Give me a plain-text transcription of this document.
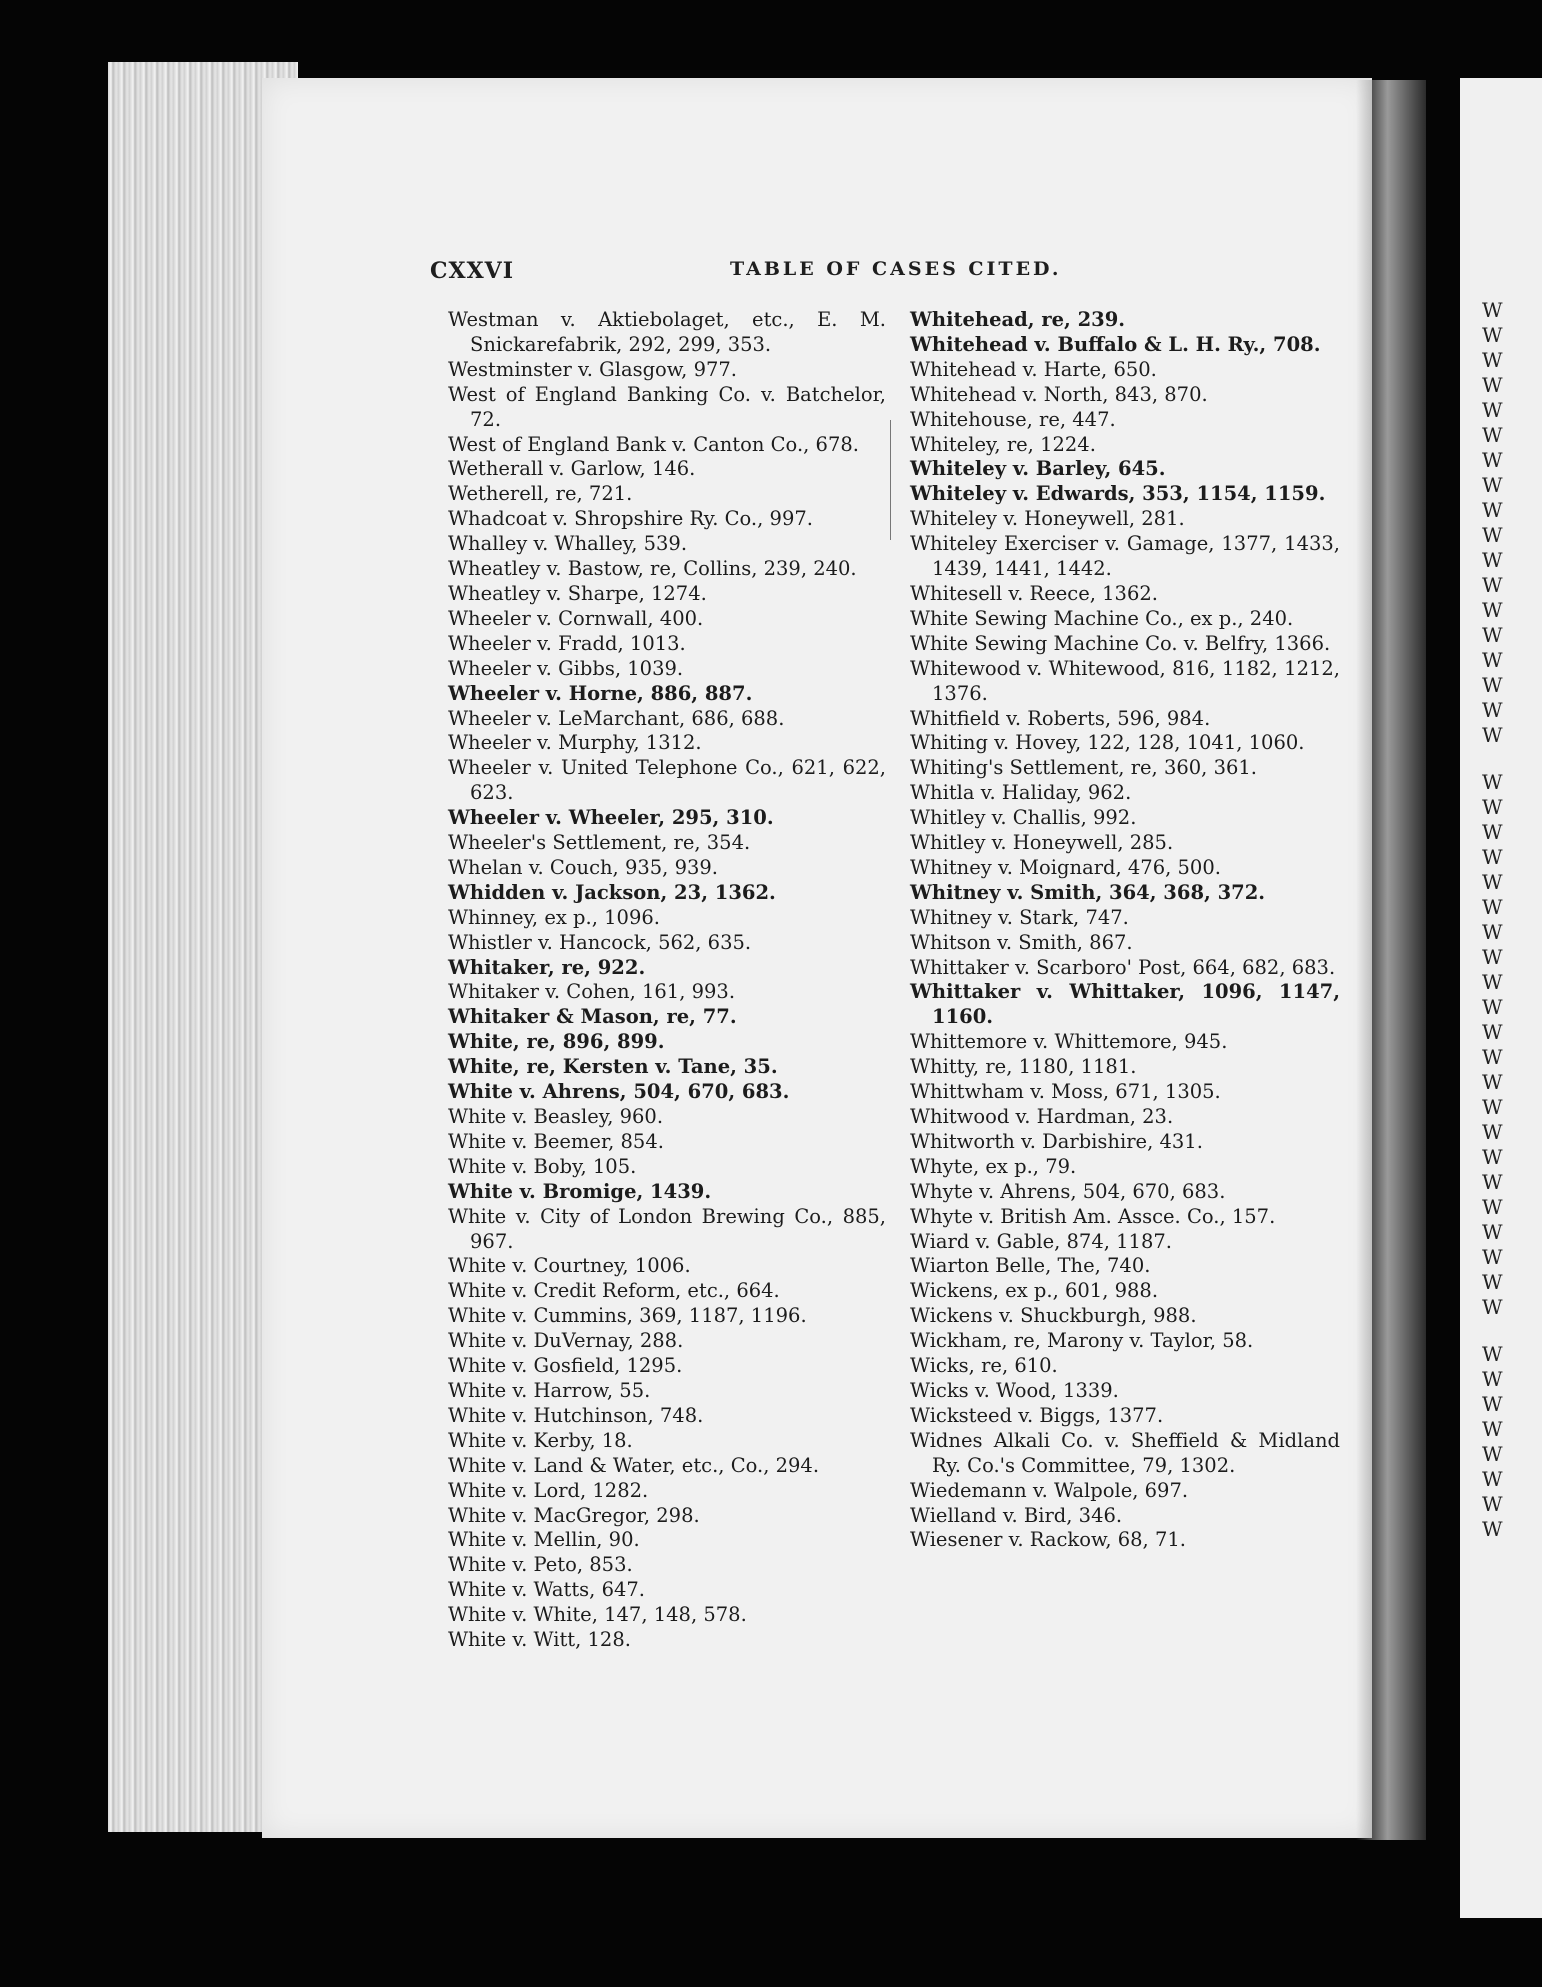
W
W
W
W
W
W
W
W
W
W
W
W
W
W
W
W
W
W
W
W
W
W
W
W
W
W
W
W
W
W
W
W
W
W
W
W
W
W
W
W
W
W
W
W
W
W
W
W
CXXVI	TABLE OF CASES CITED.

Westman v. Aktiebolaget, etc., E. M. Snickarefabrik, 292, 299, 353.

Westminster v. Glasgow, 977.

West of England Banking Co. v. Batchelor, 72.

West of England Bank v. Canton Co., 678.

Wetherall v. Garlow, 146.

Wetherell, re, 721.

Whadcoat v. Shropshire Ry. Co., 997.

Whalley v. Whalley, 539.

Wheatley v. Bastow, re, Collins, 239, 240.

Wheatley v. Sharpe, 1274.

Wheeler v. Cornwall, 400.

Wheeler v. Fradd, 1013.

Wheeler v. Gibbs, 1039.

Wheeler v. Horne, 886, 887.

Wheeler v. LeMarchant, 686, 688.

Wheeler v. Murphy, 1312.

Wheeler v. United Telephone Co., 621, 622, 623.

Wheeler v. Wheeler, 295, 310.

Wheeler's Settlement, re, 354.

Whelan v. Couch, 935, 939.

Whidden v. Jackson, 23, 1362.

Whinney, ex p., 1096.

Whistler v. Hancock, 562, 635.

Whitaker, re, 922.

Whitaker v. Cohen, 161, 993.

Whitaker & Mason, re, 77.

White, re, 896, 899.

White, re, Kersten v. Tane, 35.

White v. Ahrens, 504, 670, 683.

White v. Beasley, 960.

White v. Beemer, 854.

White v. Boby, 105.

White v. Bromige, 1439.

White v. City of London Brewing Co., 885, 967.

White v. Courtney, 1006.

White v. Credit Reform, etc., 664.

White v. Cummins, 369, 1187, 1196.

White v. DuVernay, 288.

White v. Gosfield, 1295.

White v. Harrow, 55.

White v. Hutchinson, 748.

White v. Kerby, 18.

White v. Land & Water, etc., Co., 294.

White v. Lord, 1282.

White v. MacGregor, 298.

White v. Mellin, 90.

White v. Peto, 853.

White v. Watts, 647.

White v. White, 147, 148, 578.

White v. Witt, 128.

Whitehead, re, 239.

Whitehead v. Buffalo & L. H. Ry., 708.

Whitehead v. Harte, 650.

Whitehead v. North, 843, 870.

Whitehouse, re, 447.

Whiteley, re, 1224.

Whiteley v. Barley, 645.

Whiteley v. Edwards, 353, 1154, 1159.

Whiteley v. Honeywell, 281.

Whiteley Exerciser v. Gamage, 1377, 1433, 1439, 1441, 1442.

Whitesell v. Reece, 1362.

White Sewing Machine Co., ex p., 240.

White Sewing Machine Co. v. Belfry, 1366.

Whitewood v. Whitewood, 816, 1182, 1212, 1376.

Whitfield v. Roberts, 596, 984.

Whiting v. Hovey, 122, 128, 1041, 1060.

Whiting's Settlement, re, 360, 361.

Whitla v. Haliday, 962.

Whitley v. Challis, 992.

Whitley v. Honeywell, 285.

Whitney v. Moignard, 476, 500.

Whitney v. Smith, 364, 368, 372.

Whitney v. Stark, 747.

Whitson v. Smith, 867.

Whittaker v. Scarboro' Post, 664, 682, 683.

Whittaker v. Whittaker, 1096, 1147, 1160.

Whittemore v. Whittemore, 945.

Whitty, re, 1180, 1181.

Whittwham v. Moss, 671, 1305.

Whitwood v. Hardman, 23.

Whitworth v. Darbishire, 431.

Whyte, ex p., 79.

Whyte v. Ahrens, 504, 670, 683.

Whyte v. British Am. Assce. Co., 157.

Wiard v. Gable, 874, 1187.

Wiarton Belle, The, 740.

Wickens, ex p., 601, 988.

Wickens v. Shuckburgh, 988.

Wickham, re, Marony v. Taylor, 58.

Wicks, re, 610.

Wicks v. Wood, 1339.

Wicksteed v. Biggs, 1377.

Widnes Alkali Co. v. Sheffield & Midland Ry. Co.'s Committee, 79, 1302.

Wiedemann v. Walpole, 697.

Wielland v. Bird, 346.

Wiesener v. Rackow, 68, 71.
